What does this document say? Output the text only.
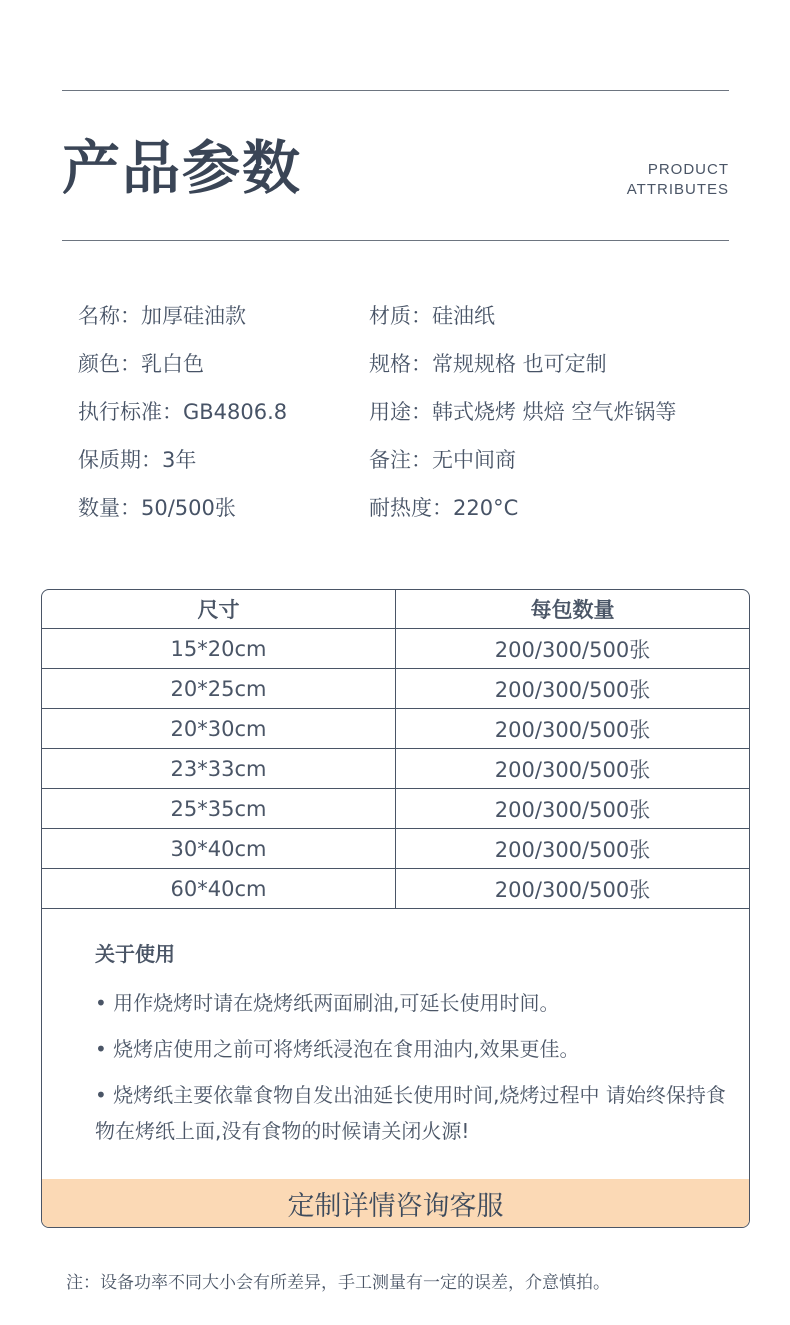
产品参数	PRODUCT
ATTRIBUTES
名称：加厚硅油款	材质：硅油纸
颜色：乳白色	规格：常规规格 也可定制
执行标准：GB4806.8	用途：韩式烧烤 烘焙 空气炸锅等
保质期：3年	备注：无中间商
数量：50/500张	耐热度：220°C
尺寸	每包数量
15*20cm	200/300/500张
20*25cm	200/300/500张
20*30cm	200/300/500张
23*33cm	200/300/500张
25*35cm	200/300/500张
30*40cm	200/300/500张
60*40cm	200/300/500张
关于使用
• 用作烧烤时请在烧烤纸两面刷油,可延长使用时间。
• 烧烤店使用之前可将烤纸浸泡在食用油内,效果更佳。
• 烧烤纸主要依靠食物自发出油延长使用时间,烧烤过程中 请始终保持食物在烤纸上面,没有食物的时候请关闭火源!
定制详情咨询客服
注：设备功率不同大小会有所差异，手工测量有一定的误差，介意慎拍。
